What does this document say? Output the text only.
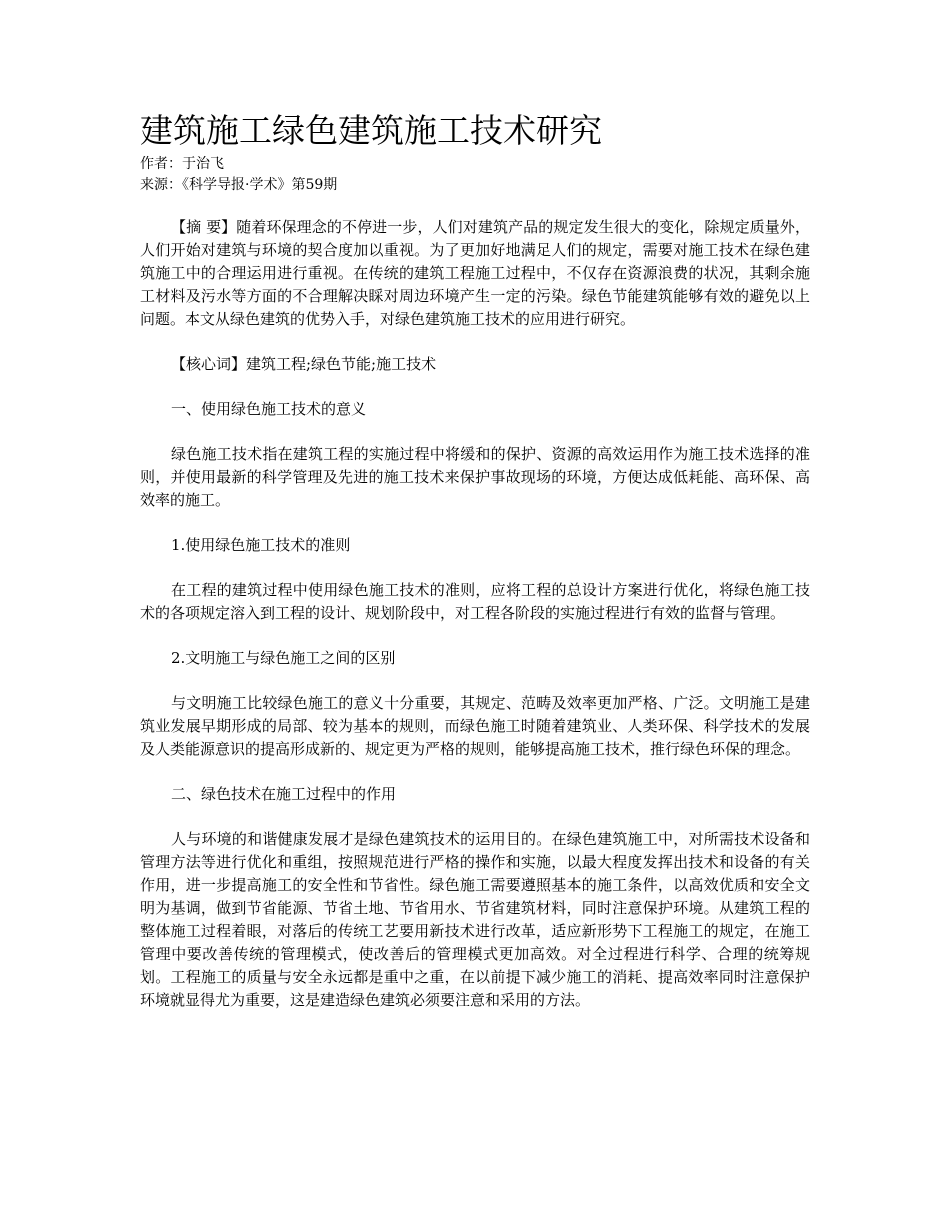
建筑施工绿色建筑施工技术研究

作者：于治飞

来源：《科学导报·学术》第59期

【摘 要】随着环保理念的不停进一步，人们对建筑产品的规定发生很大的变化，除规定质量外，人们开始对建筑与环境的契合度加以重视。为了更加好地满足人们的规定，需要对施工技术在绿色建筑施工中的合理运用进行重视。在传统的建筑工程施工过程中，不仅存在资源浪费的状况，其剩余施工材料及污水等方面的不合理解决睬对周边环境产生一定的污染。绿色节能建筑能够有效的避免以上问题。本文从绿色建筑的优势入手，对绿色建筑施工技术的应用进行研究。

【核心词】建筑工程;绿色节能;施工技术

一、使用绿色施工技术的意义

绿色施工技术指在建筑工程的实施过程中将缓和的保护、资源的高效运用作为施工技术选择的准则，并使用最新的科学管理及先进的施工技术来保护事故现场的环境，方便达成低耗能、高环保、高效率的施工。

1.使用绿色施工技术的准则

在工程的建筑过程中使用绿色施工技术的准则，应将工程的总设计方案进行优化，将绿色施工技术的各项规定溶入到工程的设计、规划阶段中，对工程各阶段的实施过程进行有效的监督与管理。

2.文明施工与绿色施工之间的区别

与文明施工比较绿色施工的意义十分重要，其规定、范畴及效率更加严格、广泛。文明施工是建筑业发展早期形成的局部、较为基本的规则，而绿色施工时随着建筑业、人类环保、科学技术的发展及人类能源意识的提高形成新的、规定更为严格的规则，能够提高施工技术，推行绿色环保的理念。

二、绿色技术在施工过程中的作用

人与环境的和谐健康发展才是绿色建筑技术的运用目的。在绿色建筑施工中，对所需技术设备和管理方法等进行优化和重组，按照规范进行严格的操作和实施，以最大程度发挥出技术和设备的有关作用，进一步提高施工的安全性和节省性。绿色施工需要遵照基本的施工条件，以高效优质和安全文明为基调，做到节省能源、节省土地、节省用水、节省建筑材料，同时注意保护环境。从建筑工程的整体施工过程着眼，对落后的传统工艺要用新技术进行改革，适应新形势下工程施工的规定，在施工管理中要改善传统的管理模式，使改善后的管理模式更加高效。对全过程进行科学、合理的统筹规划。工程施工的质量与安全永远都是重中之重，在以前提下减少施工的消耗、提高效率同时注意保护环境就显得尤为重要，这是建造绿色建筑必须要注意和采用的方法。
